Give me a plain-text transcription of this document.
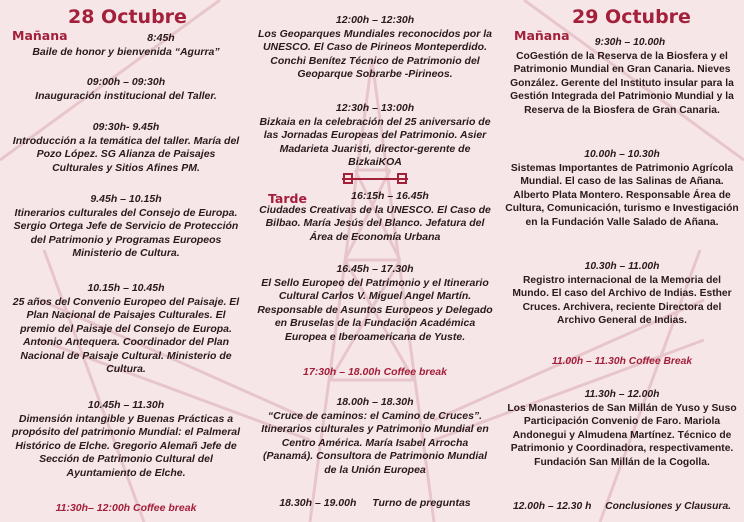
28 Octubre
Mañana	8:45h
Baile de honor y bienvenida “Agurra”
09:00h – 09:30h
Inauguración institucional del Taller.
09:30h- 9.45h
Introducción a la temática del taller. María del Pozo López. SG Alianza de Paisajes Culturales y Sitios Afines PM.
9.45h – 10.15h
Itinerarios culturales del Consejo de Europa. Sergio Ortega Jefe de Servicio de Protección del Patrimonio y Programas Europeos Ministerio de Cultura.
10.15h – 10.45h
25 años del Convenio Europeo del Paisaje. El Plan Nacional de Paisajes Culturales. El premio del Paisaje del Consejo de Europa. Antonio Antequera. Coordinador del Plan Nacional de Paisaje Cultural. Ministerio de Cultura.
10.45h – 11.30h
Dimensión intangible y Buenas Prácticas a propósito del patrimonio Mundial: el Palmeral Histórico de Elche. Gregorio Alemañ Jefe de Sección de Patrimonio Cultural del Ayuntamiento de Elche.
11:30h– 12:00h Coffee break
12:00h – 12:30h
Los Geoparques Mundiales reconocidos por la UNESCO. El Caso de Pirineos Monteperdido. Conchi Benítez Técnico de Patrimonio del Geoparque Sobrarbe -Pirineos.
12:30h – 13:00h
Bizkaia en la celebración del 25 aniversario de las Jornadas Europeas del Patrimonio. Asier Madarieta Juaristi, director-gerente de BizkaiKOA
Tarde	16:15h – 16.45h
Ciudades Creativas de la UNESCO. El Caso de Bilbao. María Jesús del Blanco. Jefatura del Área de Economía Urbana
16.45h – 17.30h
El Sello Europeo del Patrimonio y el Itinerario Cultural Carlos V. Miguel Angel Martín. Responsable de Asuntos Europeos y Delegado en Bruselas de la Fundación Académica Europea e Iberoamericana de Yuste.
17:30h – 18.00h Coffee break
18.00h – 18.30h
“Cruce de caminos: el Camino de Cruces”. Itinerarios culturales y Patrimonio Mundial en Centro América. María Isabel Arrocha (Panamá). Consultora de Patrimonio Mundial de la Unión Europea
18.30h – 19.00h Turno de preguntas
29 Octubre
Mañana	9:30h – 10.00h
CoGestión de la Reserva de la Biosfera y el Patrimonio Mundial en Gran Canaria. Nieves González. Gerente del Instituto insular para la Gestión Integrada del Patrimonio Mundial y la Reserva de la Biosfera de Gran Canaria.
10.00h – 10.30h
Sistemas Importantes de Patrimonio Agrícola Mundial. El caso de las Salinas de Añana. Alberto Plata Montero. Responsable Área de Cultura, Comunicación, turismo e Investigación en la Fundación Valle Salado de Añana.
10.30h – 11.00h
Registro internacional de la Memoria del Mundo. El caso del Archivo de Indias. Esther Cruces. Archivera, reciente Directora del Archivo General de Indias.
11.00h – 11.30h Coffee Break
11.30h – 12.00h
Los Monasterios de San Millán de Yuso y Suso Participación Convenio de Faro. Mariola Andonegui y Almudena Martínez. Técnico de Patrimonio y Coordinadora, respectivamente. Fundación San Millán de la Cogolla.
12.00h – 12.30 h Conclusiones y Clausura.
